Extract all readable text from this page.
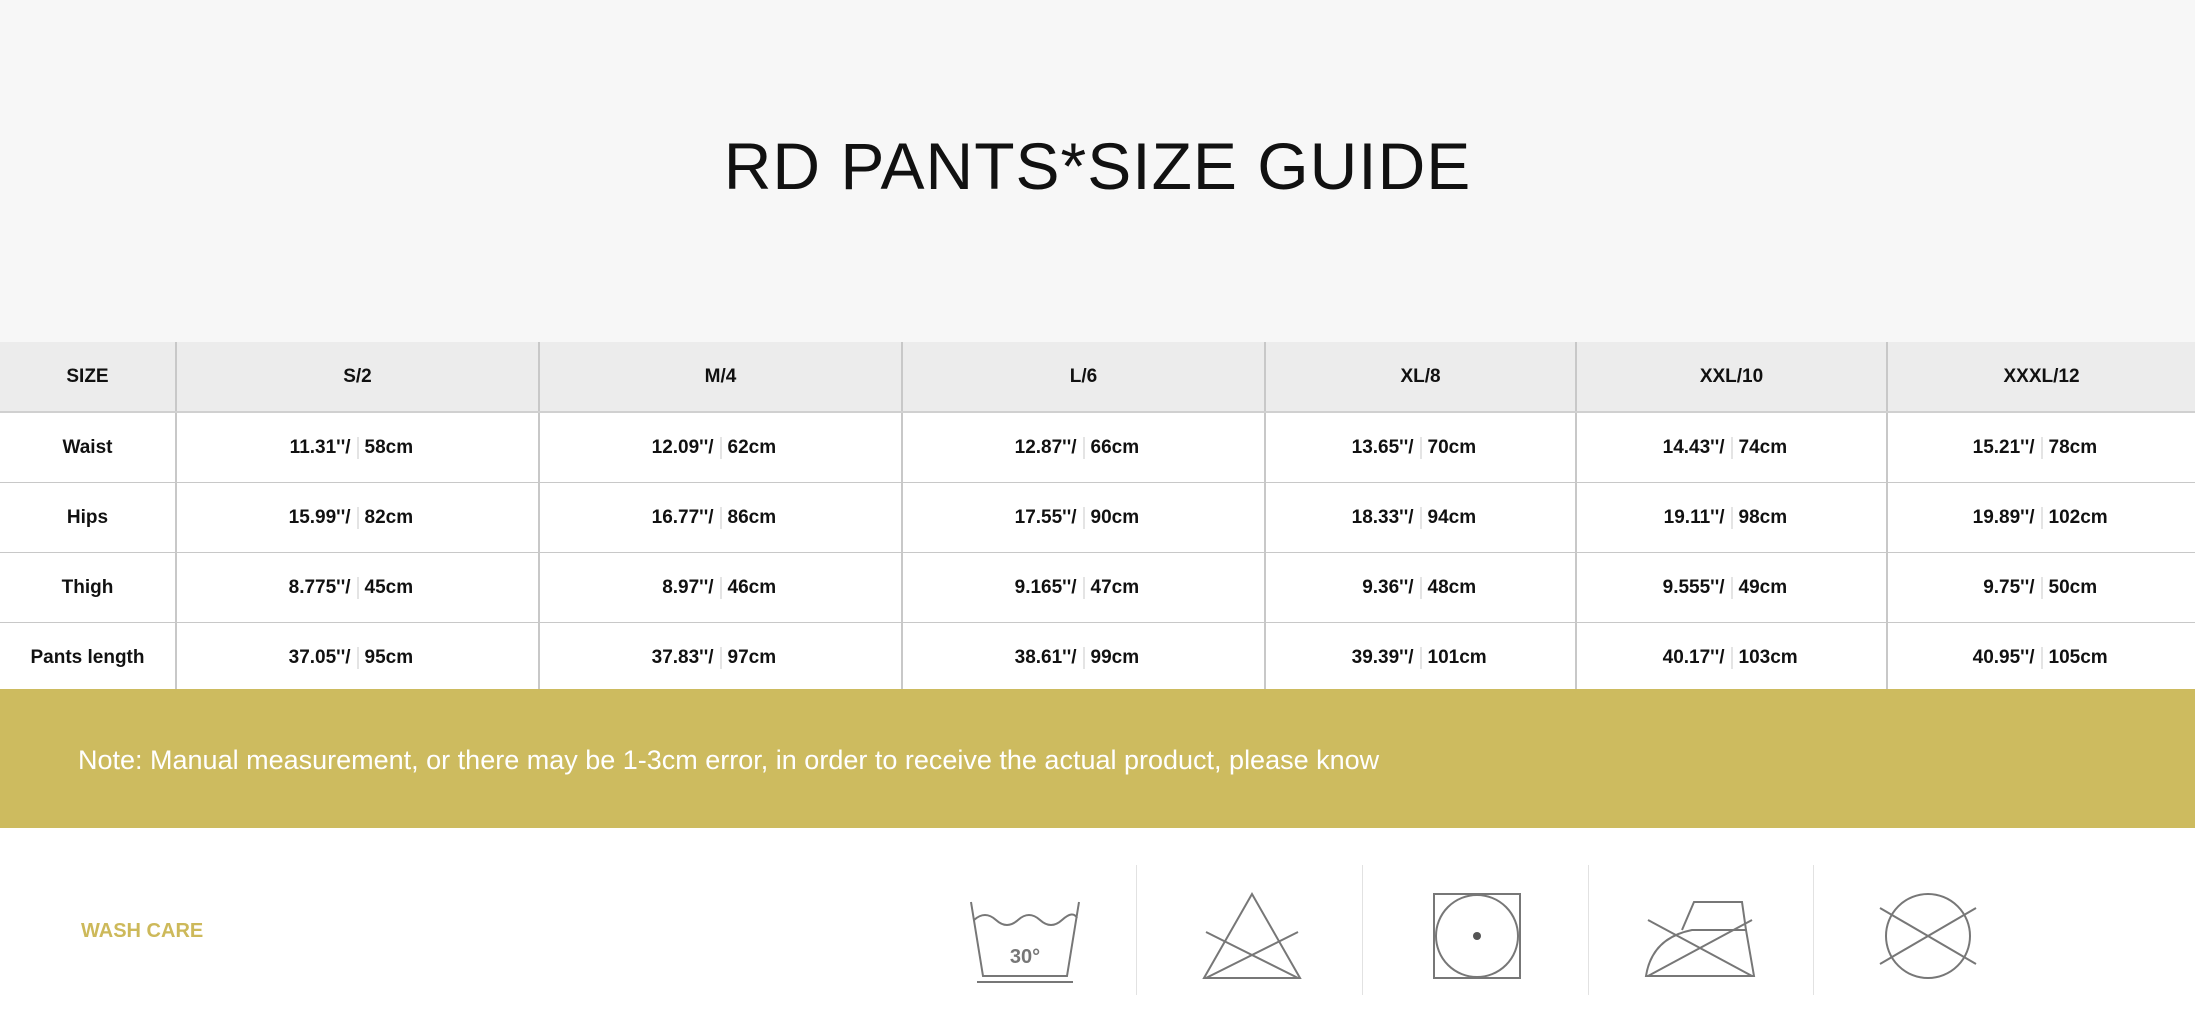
RD PANTS*SIZE GUIDE
SIZE	S/2	M/4	L/6	XL/8	XXL/10	XXXL/12
Waist	11.31''/ 58cm	12.09''/ 62cm	12.87''/ 66cm	13.65''/ 70cm	14.43''/ 74cm	15.21''/ 78cm

Hips	15.99''/ 82cm	16.77''/ 86cm	17.55''/ 90cm	18.33''/ 94cm	19.11''/ 98cm	19.89''/ 102cm

Thigh	8.775''/ 45cm	8.97''/ 46cm	9.165''/ 47cm	9.36''/ 48cm	9.555''/ 49cm	9.75''/ 50cm

Pants length	37.05''/ 95cm	37.83''/ 97cm	38.61''/ 99cm	39.39''/ 101cm	40.17''/ 103cm	40.95''/ 105cm
Note: Manual measurement, or there may be 1-3cm error, in order to receive the actual product, please know
WASH CARE
30°
